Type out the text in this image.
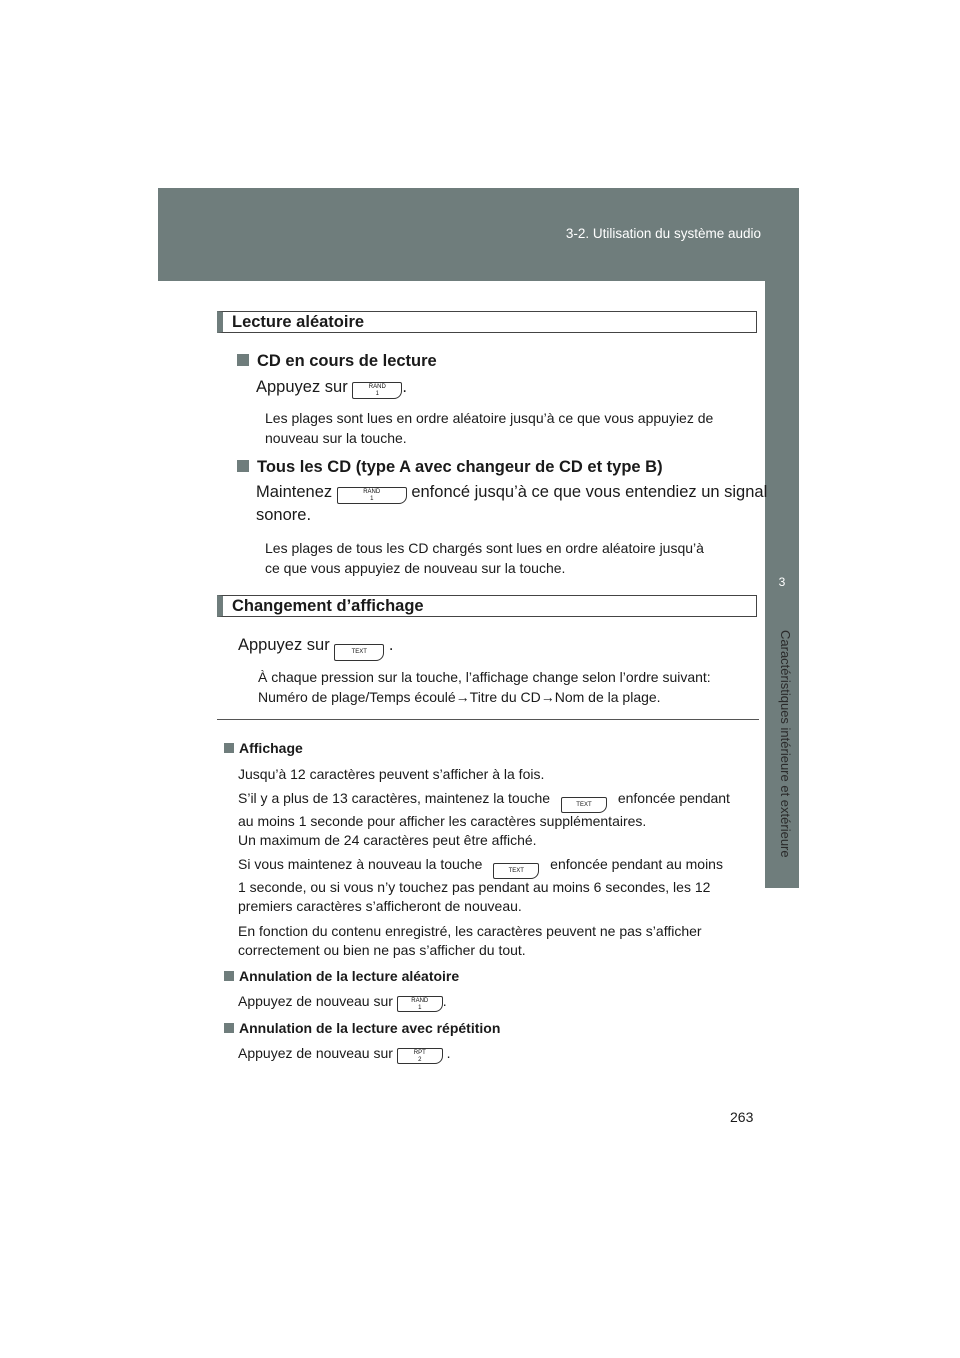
3-2. Utilisation du système audio
3
Caractéristiques intérieure et extérieure
Lecture aléatoire
CD en cours de lecture
Appuyez sur	RAND
1 .
Les plages sont lues en ordre aléatoire jusqu’à ce que vous appuyiez de
nouveau sur la touche.
Tous les CD (type A avec changeur de CD et type B)
Maintenez	RAND
1 enfoncé jusqu’à ce que vous entendiez un signal
sonore.
Les plages de tous les CD chargés sont lues en ordre aléatoire jusqu’à
ce que vous appuyiez de nouveau sur la touche.
Changement d’affichage
Appuyez sur	TEXT .
À chaque pression sur la touche, l’affichage change selon l’ordre suivant:
Numéro de plage/Temps écoulé→Titre du CD→Nom de la plage.
Affichage
Jusqu’à 12 caractères peuvent s’afficher à la fois.
S’il y a plus de 13 caractères, maintenez la touche	TEXT enfoncée pendant
au moins 1 seconde pour afficher les caractères supplémentaires.
Un maximum de 24 caractères peut être affiché.
Si vous maintenez à nouveau la touche	TEXT enfoncée pendant au moins
1 seconde, ou si vous n’y touchez pas pendant au moins 6 secondes, les 12
premiers caractères s’afficheront de nouveau.
En fonction du contenu enregistré, les caractères peuvent ne pas s’afficher
correctement ou bien ne pas s’afficher du tout.
Annulation de la lecture aléatoire
Appuyez de nouveau sur	RAND
1 .
Annulation de la lecture avec répétition
Appuyez de nouveau sur	RPT
2 .
263
